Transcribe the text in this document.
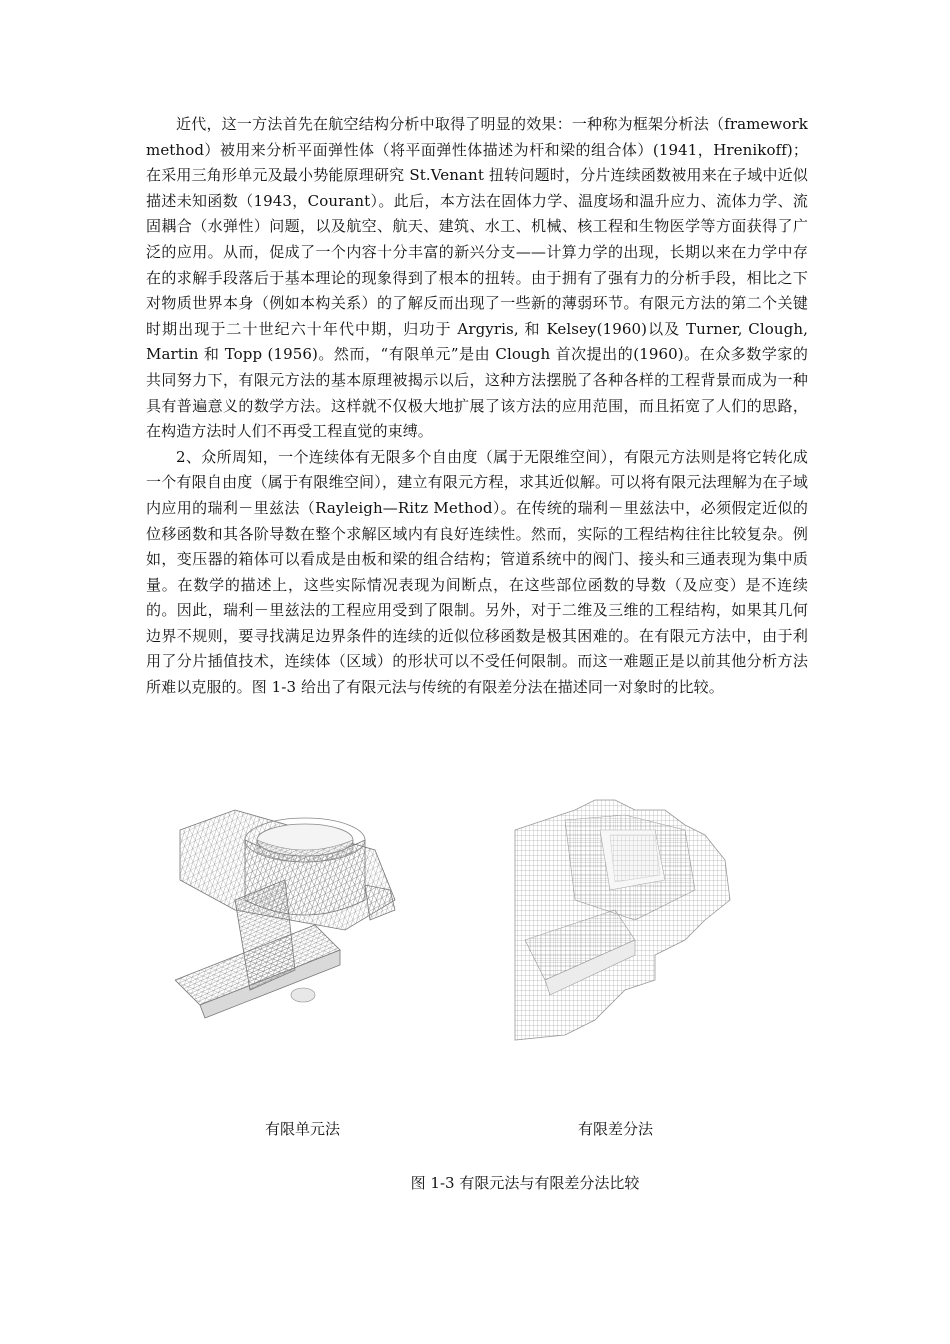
近代，这一方法首先在航空结构分析中取得了明显的效果：一种称为框架分析法（framework method）被用来分析平面弹性体（将平面弹性体描述为杆和梁的组合体）(1941，Hrenikoff)；在采用三角形单元及最小势能原理研究 St.Venant 扭转问题时，分片连续函数被用来在子域中近似描述未知函数（1943，Courant）。此后，本方法在固体力学、温度场和温升应力、流体力学、流固耦合（水弹性）问题，以及航空、航天、建筑、水工、机械、核工程和生物医学等方面获得了广泛的应用。从而，促成了一个内容十分丰富的新兴分支——计算力学的出现，长期以来在力学中存在的求解手段落后于基本理论的现象得到了根本的扭转。由于拥有了强有力的分析手段，相比之下对物质世界本身（例如本构关系）的了解反而出现了一些新的薄弱环节。有限元方法的第二个关键时期出现于二十世纪六十年代中期，归功于 Argyris, 和 Kelsey(1960)以及 Turner, Clough, Martin 和 Topp (1956)。然而，“有限单元”是由 Clough 首次提出的(1960)。在众多数学家的共同努力下，有限元方法的基本原理被揭示以后，这种方法摆脱了各种各样的工程背景而成为一种具有普遍意义的数学方法。这样就不仅极大地扩展了该方法的应用范围，而且拓宽了人们的思路，在构造方法时人们不再受工程直觉的束缚。

2、众所周知，一个连续体有无限多个自由度（属于无限维空间），有限元方法则是将它转化成一个有限自由度（属于有限维空间），建立有限元方程，求其近似解。可以将有限元法理解为在子域内应用的瑞利－里兹法（Rayleigh—Ritz Method）。在传统的瑞利－里兹法中，必须假定近似的位移函数和其各阶导数在整个求解区域内有良好连续性。然而，实际的工程结构往往比较复杂。例如，变压器的箱体可以看成是由板和梁的组合结构；管道系统中的阀门、接头和三通表现为集中质量。在数学的描述上，这些实际情况表现为间断点，在这些部位函数的导数（及应变）是不连续的。因此，瑞利－里兹法的工程应用受到了限制。另外，对于二维及三维的工程结构，如果其几何边界不规则，要寻找满足边界条件的连续的近似位移函数是极其困难的。在有限元方法中，由于利用了分片插值技术，连续体（区域）的形状可以不受任何限制。而这一难题正是以前其他分析方法所难以克服的。图 1-3 给出了有限元法与传统的有限差分法在描述同一对象时的比较。

有限单元法	有限差分法
图 1-3 有限元法与有限差分法比较
